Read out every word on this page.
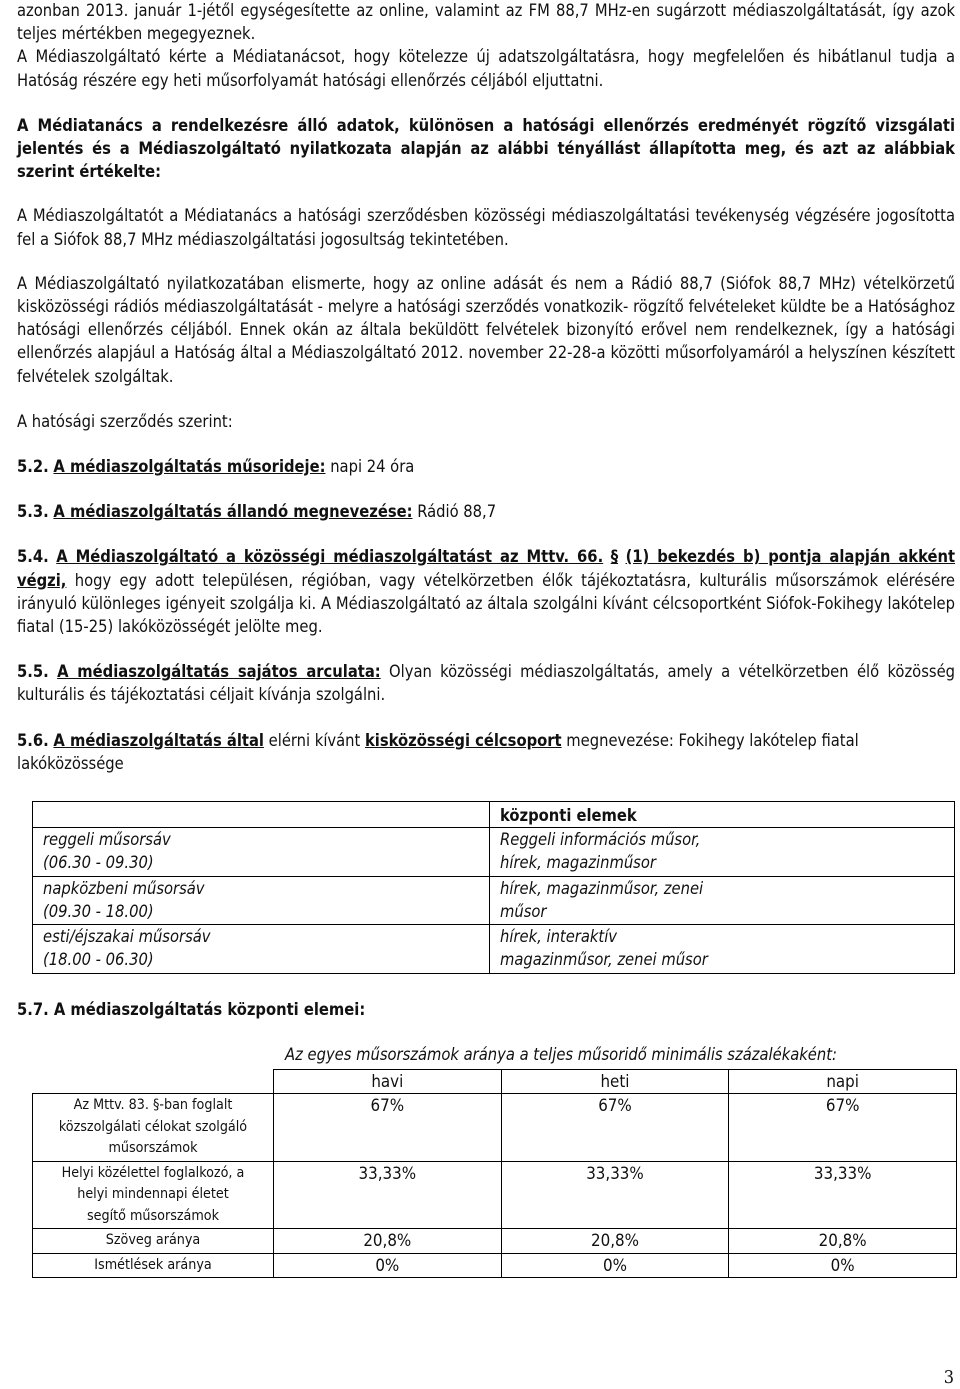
azonban 2013. január 1-jétől egységesítette az online, valamint az FM 88,7 MHz-en sugárzott médiaszolgáltatását, így azok teljes mértékben megegyeznek.

A Médiaszolgáltató kérte a Médiatanácsot, hogy kötelezze új adatszolgáltatásra, hogy megfelelően és hibátlanul tudja a Hatóság részére egy heti műsorfolyamát hatósági ellenőrzés céljából eljuttatni.

A Médiatanács a rendelkezésre álló adatok, különösen a hatósági ellenőrzés eredményét rögzítő vizsgálati jelentés és a Médiaszolgáltató nyilatkozata alapján az alábbi tényállást állapította meg, és azt az alábbiak szerint értékelte:

A Médiaszolgáltatót a Médiatanács a hatósági szerződésben közösségi médiaszolgáltatási tevékenység végzésére jogosította fel a Siófok 88,7 MHz médiaszolgáltatási jogosultság tekintetében.

A Médiaszolgáltató nyilatkozatában elismerte, hogy az online adását és nem a Rádió 88,7 (Siófok 88,7 MHz) vételkörzetű kisközösségi rádiós médiaszolgáltatását - melyre a hatósági szerződés vonatkozik- rögzítő felvételeket küldte be a Hatósághoz hatósági ellenőrzés céljából. Ennek okán az általa beküldött felvételek bizonyító erővel nem rendelkeznek, így a hatósági ellenőrzés alapjául a Hatóság által a Médiaszolgáltató 2012. november 22-28-a közötti műsorfolyamáról a helyszínen készített felvételek szolgáltak.

A hatósági szerződés szerint:

5.2. A médiaszolgáltatás műsorideje: napi 24 óra

5.3. A médiaszolgáltatás állandó megnevezése: Rádió 88,7

5.4. A Médiaszolgáltató a közösségi médiaszolgáltatást az Mttv. 66. § (1) bekezdés b) pontja alapján akként végzi, hogy egy adott településen, régióban, vagy vételkörzetben élők tájékoztatásra, kulturális műsorszámok elérésére irányuló különleges igényeit szolgálja ki. A Médiaszolgáltató az általa szolgálni kívánt célcsoportként Siófok-Fokihegy lakótelep fiatal (15-25) lakóközösségét jelölte meg.

5.5. A médiaszolgáltatás sajátos arculata: Olyan közösségi médiaszolgáltatás, amely a vételkörzetben élő közösség kulturális és tájékoztatási céljait kívánja szolgálni.

5.6. A médiaszolgáltatás által elérni kívánt kisközösségi célcsoport megnevezése: Fokihegy lakótelep fiatal lakóközössége

	központi elemek
reggeli műsorsáv
(06.30 - 09.30)	Reggeli információs műsor,
hírek, magazinműsor
napközbeni műsorsáv
(09.30 - 18.00)	hírek, magazinműsor, zenei
műsor
esti/éjszakai műsorsáv
(18.00 - 06.30)	hírek, interaktív
magazinműsor, zenei műsor

5.7. A médiaszolgáltatás központi elemei:

Az egyes műsorszámok aránya a teljes műsoridő minimális százalékaként:

	havi	heti	napi
Az Mttv. 83. §-ban foglalt
közszolgálati célokat szolgáló
műsorszámok	67%	67%	67%
Helyi közélettel foglalkozó, a
helyi mindennapi életet
segítő műsorszámok	33,33%	33,33%	33,33%
Szöveg aránya	20,8%	20,8%	20,8%
Ismétlések aránya	0%	0%	0%
3
